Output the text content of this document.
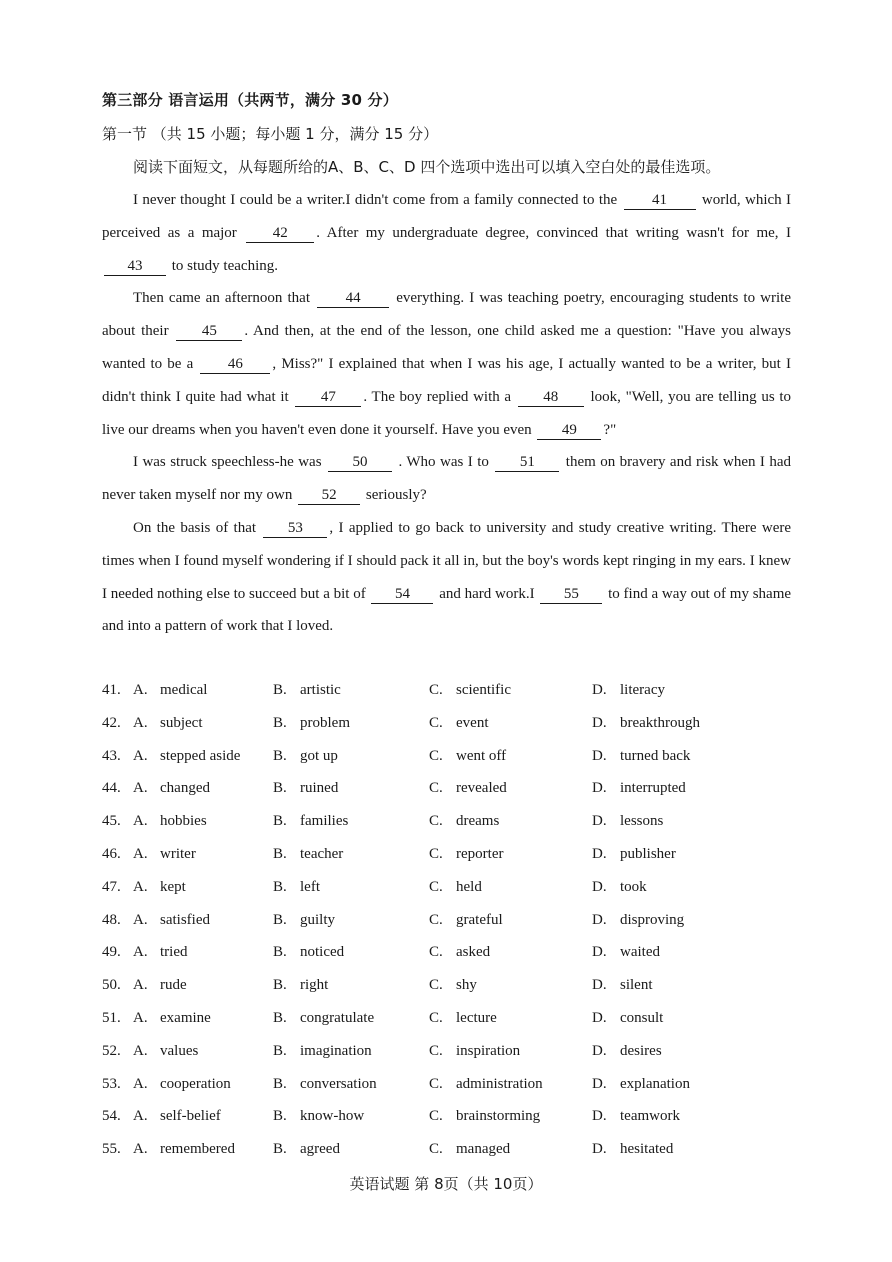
第三部分 语言运用（共两节，满分 30 分）
第一节 （共 15 小题；每小题 1 分，满分 15 分）
阅读下面短文，从每题所给的A、B、C、D 四个选项中选出可以填入空白处的最佳选项。

I never thought I could be a writer.I didn't come from a family connected to the 41 world, which I perceived as a major 42 . After my undergraduate degree, convinced that writing wasn't for me, I 43 to study teaching.

Then came an afternoon that 44 everything. I was teaching poetry, encouraging students to write about their 45 . And then, at the end of the lesson, one child asked me a question: "Have you always wanted to be a 46 , Miss?" I explained that when I was his age, I actually wanted to be a writer, but I didn't think I quite had what it 47 . The boy replied with a 48 look, "Well, you are telling us to live our dreams when you haven't even done it yourself. Have you even 49 ?"

I was struck speechless-he was 50 . Who was I to 51 them on bravery and risk when I had never taken myself nor my own 52 seriously?

On the basis of that 53 , I applied to go back to university and study creative writing. There were times when I found myself wondering if I should pack it all in, but the boy's words kept ringing in my ears. I knew I needed nothing else to succeed but a bit of 54 and hard work.I 55 to find a way out of my shame and into a pattern of work that I loved.

41. A. medical	B. artistic	C. scientific	D. literacy
42. A. subject	B. problem	C. event	D. breakthrough
43. A. stepped aside B. got up	C. went off	D. turned back
44. A. changed	B. ruined	C. revealed	D. interrupted
45. A. hobbies	B. families	C. dreams	D. lessons
46. A. writer	B. teacher	C. reporter	D. publisher
47. A. kept	B. left	C. held	D. took
48. A. satisfied	B. guilty	C. grateful	D. disproving
49. A. tried	B. noticed	C. asked	D. waited
50. A. rude	B. right	C. shy	D. silent
51. A. examine	B. congratulate	C. lecture	D. consult
52. A. values	B. imagination	C. inspiration	D. desires
53. A. cooperation	B. conversation	C. administration	D. explanation
54. A. self-belief	B. know-how	C. brainstorming	D. teamwork
55. A. remembered	B. agreed	C. managed	D. hesitated
英语试题 第 8页（共 10页）
